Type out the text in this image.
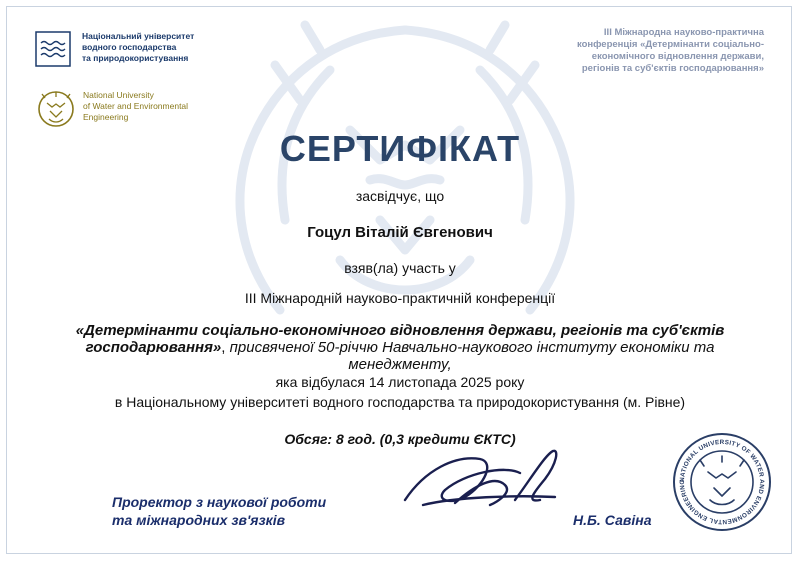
Національний університет
водного господарства
та природокористування
National University
of Water and Environmental
Engineering
ІІІ Міжнародна науково-практична
конференція «Детермінанти соціально-
економічного відновлення держави,
регіонів та суб'єктів господарювання»
СЕРТИФІКАТ
засвідчує, що
Гоцул Віталій Євгенович
взяв(ла) участь у
ІІІ Міжнародній науково-практичній конференції
«Детермінанти соціально-економічного відновлення держави, регіонів та суб'єктів господарювання», присвяченої 50-річчю Навчально-наукового інституту економіки та менеджменту,
яка відбулася 14 листопада 2025 року
в Національному університеті водного господарства та природокористування (м. Рівне)
Обсяг: 8 год. (0,3 кредити ЄКТС)
Проректор з наукової роботи
та міжнародних зв'язків	Н.Б. Савіна
NATIONAL UNIVERSITY OF WATER AND ENVIRONMENTAL ENGINEERING
